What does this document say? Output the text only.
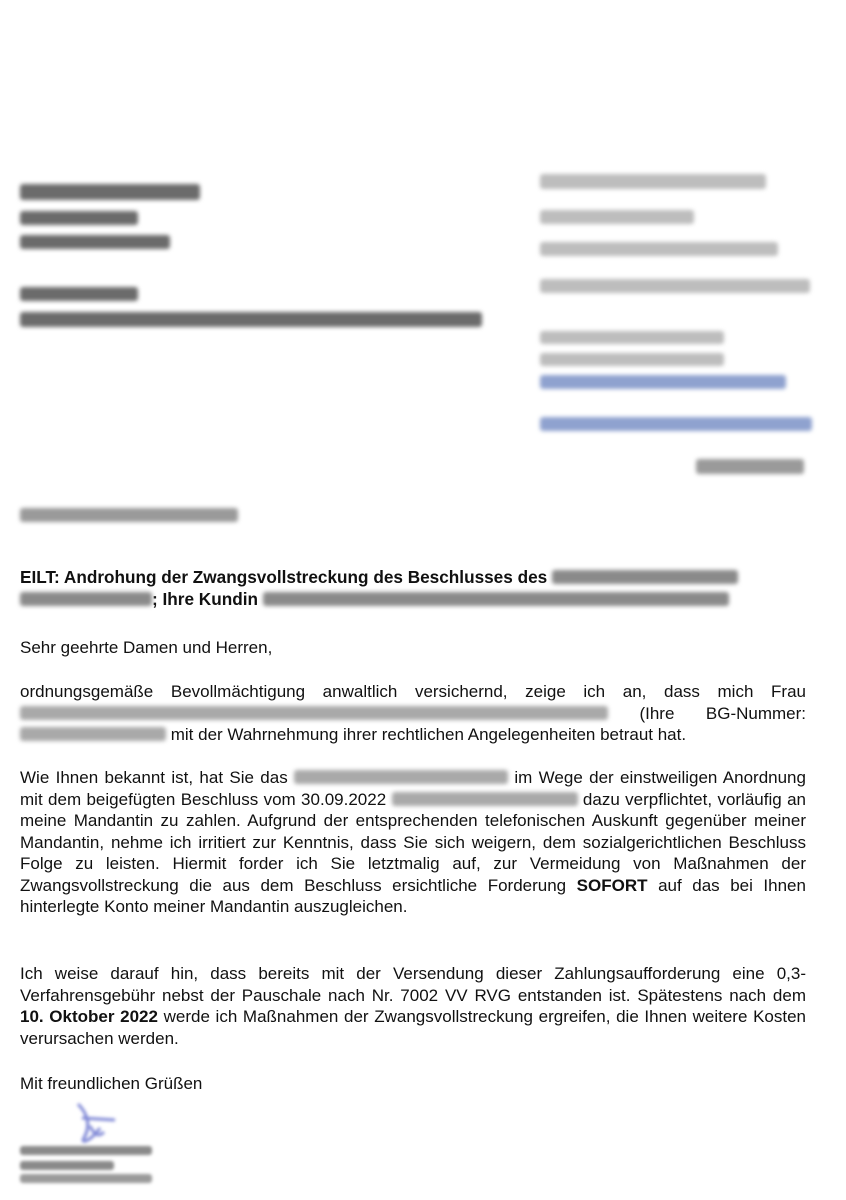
EILT: Androhung der Zwangsvollstreckung des Beschlusses des
; Ihre Kundin
Sehr geehrte Damen und Herren,
ordnungsgemäße Bevollmächtigung anwaltlich versichernd, zeige ich an, dass mich Frau  (Ihre BG-Nummer:  mit der Wahrnehmung ihrer rechtlichen Angelegenheiten betraut hat.
Wie Ihnen bekannt ist, hat Sie das	im Wege der einstweiligen Anordnung mit dem beigefügten Beschluss vom 30.09.2022	dazu verpflichtet, vorläufig an meine Mandantin zu zahlen. Aufgrund der entsprechenden telefonischen Auskunft gegenüber meiner Mandantin, nehme ich irritiert zur Kenntnis, dass Sie sich weigern, dem sozialgerichtlichen Beschluss Folge zu leisten. Hiermit forder ich Sie letztmalig auf, zur Vermeidung von Maßnahmen der Zwangsvollstreckung die aus dem Beschluss ersichtliche Forderung SOFORT auf das bei Ihnen hinterlegte Konto meiner Mandantin auszugleichen.
Ich weise darauf hin, dass bereits mit der Versendung dieser Zahlungsaufforderung eine 0,3-Verfahrensgebühr nebst der Pauschale nach Nr. 7002 VV RVG entstanden ist. Spätestens nach dem 10. Oktober 2022 werde ich Maßnahmen der Zwangsvollstreckung ergreifen, die Ihnen weitere Kosten verursachen werden.
Mit freundlichen Grüßen
